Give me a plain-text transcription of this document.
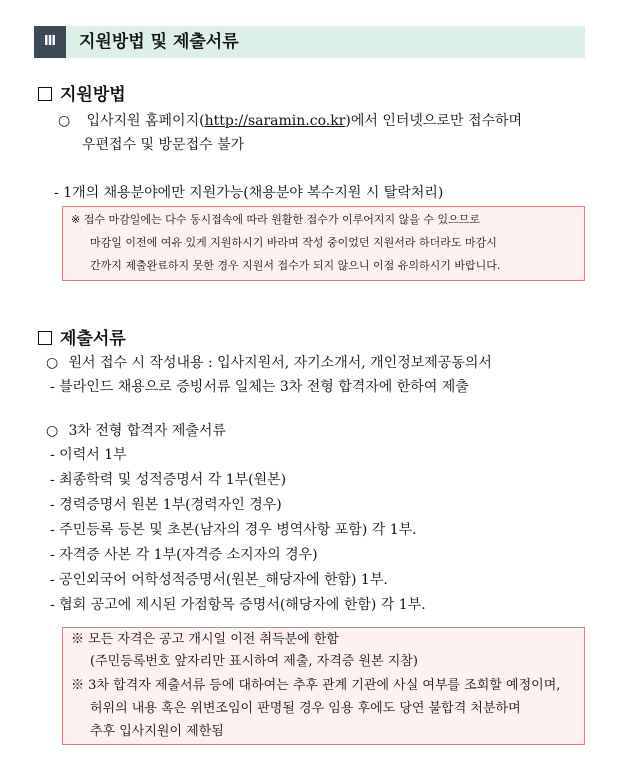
Ⅲ	지원방법 및 제출서류
지원방법
○ 입사지원 홈페이지(http://saramin.co.kr)에서 인터넷으로만 접수하며
우편접수 및 방문접수 불가
- 1개의 채용분야에만 지원가능(채용분야 복수지원 시 탈락처리)
※ 접수 마감일에는 다수 동시접속에 따라 원활한 접수가 이루어지지 않을 수 있으므로
마감일 이전에 여유 있게 지원하시기 바라며 작성 중이었던 지원서라 하더라도 마감시
간까지 제출완료하지 못한 경우 지원서 접수가 되지 않으니 이점 유의하시기 바랍니다.
제출서류
○ 원서 접수 시 작성내용 : 입사지원서, 자기소개서, 개인정보제공동의서
- 블라인드 채용으로 증빙서류 일체는 3차 전형 합격자에 한하여 제출
○ 3차 전형 합격자 제출서류
- 이력서 1부
- 최종학력 및 성적증명서 각 1부(원본)
- 경력증명서 원본 1부(경력자인 경우)
- 주민등록 등본 및 초본(남자의 경우 병역사항 포함) 각 1부.
- 자격증 사본 각 1부(자격증 소지자의 경우)
- 공인외국어 어학성적증명서(원본_해당자에 한함) 1부.
- 협회 공고에 제시된 가점항목 증명서(해당자에 한함) 각 1부.
※ 모든 자격은 공고 개시일 이전 취득분에 한함
(주민등록번호 앞자리만 표시하여 제출, 자격증 원본 지참)
※ 3차 합격자 제출서류 등에 대하여는 추후 관계 기관에 사실 여부를 조회할 예정이며,
허위의 내용 혹은 위변조임이 판명될 경우 임용 후에도 당연 불합격 처분하며
추후 입사지원이 제한됨
